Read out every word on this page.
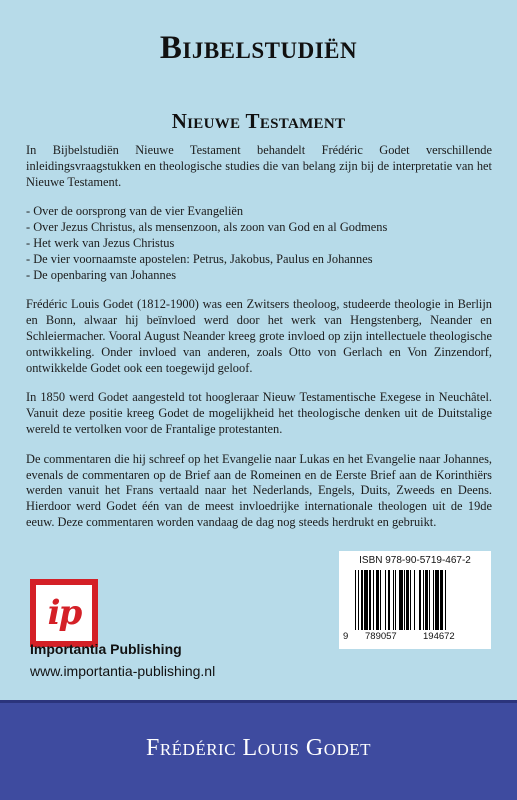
Bijbelstudiën
Nieuwe Testament

In Bijbelstudiën Nieuwe Testament behandelt Frédéric Godet verschillende inleidingsvraagstukken en theologische studies die van belang zijn bij de interpretatie van het Nieuwe Testament.

- Over de oorsprong van de vier Evangeliën
- Over Jezus Christus, als mensenzoon, als zoon van God en al Godmens
- Het werk van Jezus Christus
- De vier voornaamste apostelen: Petrus, Jakobus, Paulus en Johannes
- De openbaring van Johannes

Frédéric Louis Godet (1812-1900) was een Zwitsers theoloog, studeerde theologie in Berlijn en Bonn, alwaar hij beïnvloed werd door het werk van Hengstenberg, Neander en Schleiermacher. Vooral August Neander kreeg grote invloed op zijn intellectuele theologische ontwikkeling. Onder invloed van anderen, zoals Otto von Gerlach en Von Zinzendorf, ontwikkelde Godet ook een toegewijd geloof.

In 1850 werd Godet aangesteld tot hoogleraar Nieuw Testamentische Exegese in Neuchâtel. Vanuit deze positie kreeg Godet de mogelijkheid het theologische denken uit de Duitstalige wereld te vertolken voor de Frantalige protestanten.

De commentaren die hij schreef op het Evangelie naar Lukas en het Evangelie naar Johannes, evenals de commentaren op de Brief aan de Romeinen en de Eerste Brief aan de Korinthiërs werden vanuit het Frans vertaald naar het Nederlands, Engels, Duits, Zweeds en Deens. Hierdoor werd Godet één van de meest invloedrijke internationale theologen uit de 19de eeuw. Deze commentaren worden vandaag de dag nog steeds herdrukt en gebruikt.

ip
Importantia Publishing
www.importantia-publishing.nl
ISBN 978-90-5719-467-2
9 789057	194672
Frédéric Louis Godet
